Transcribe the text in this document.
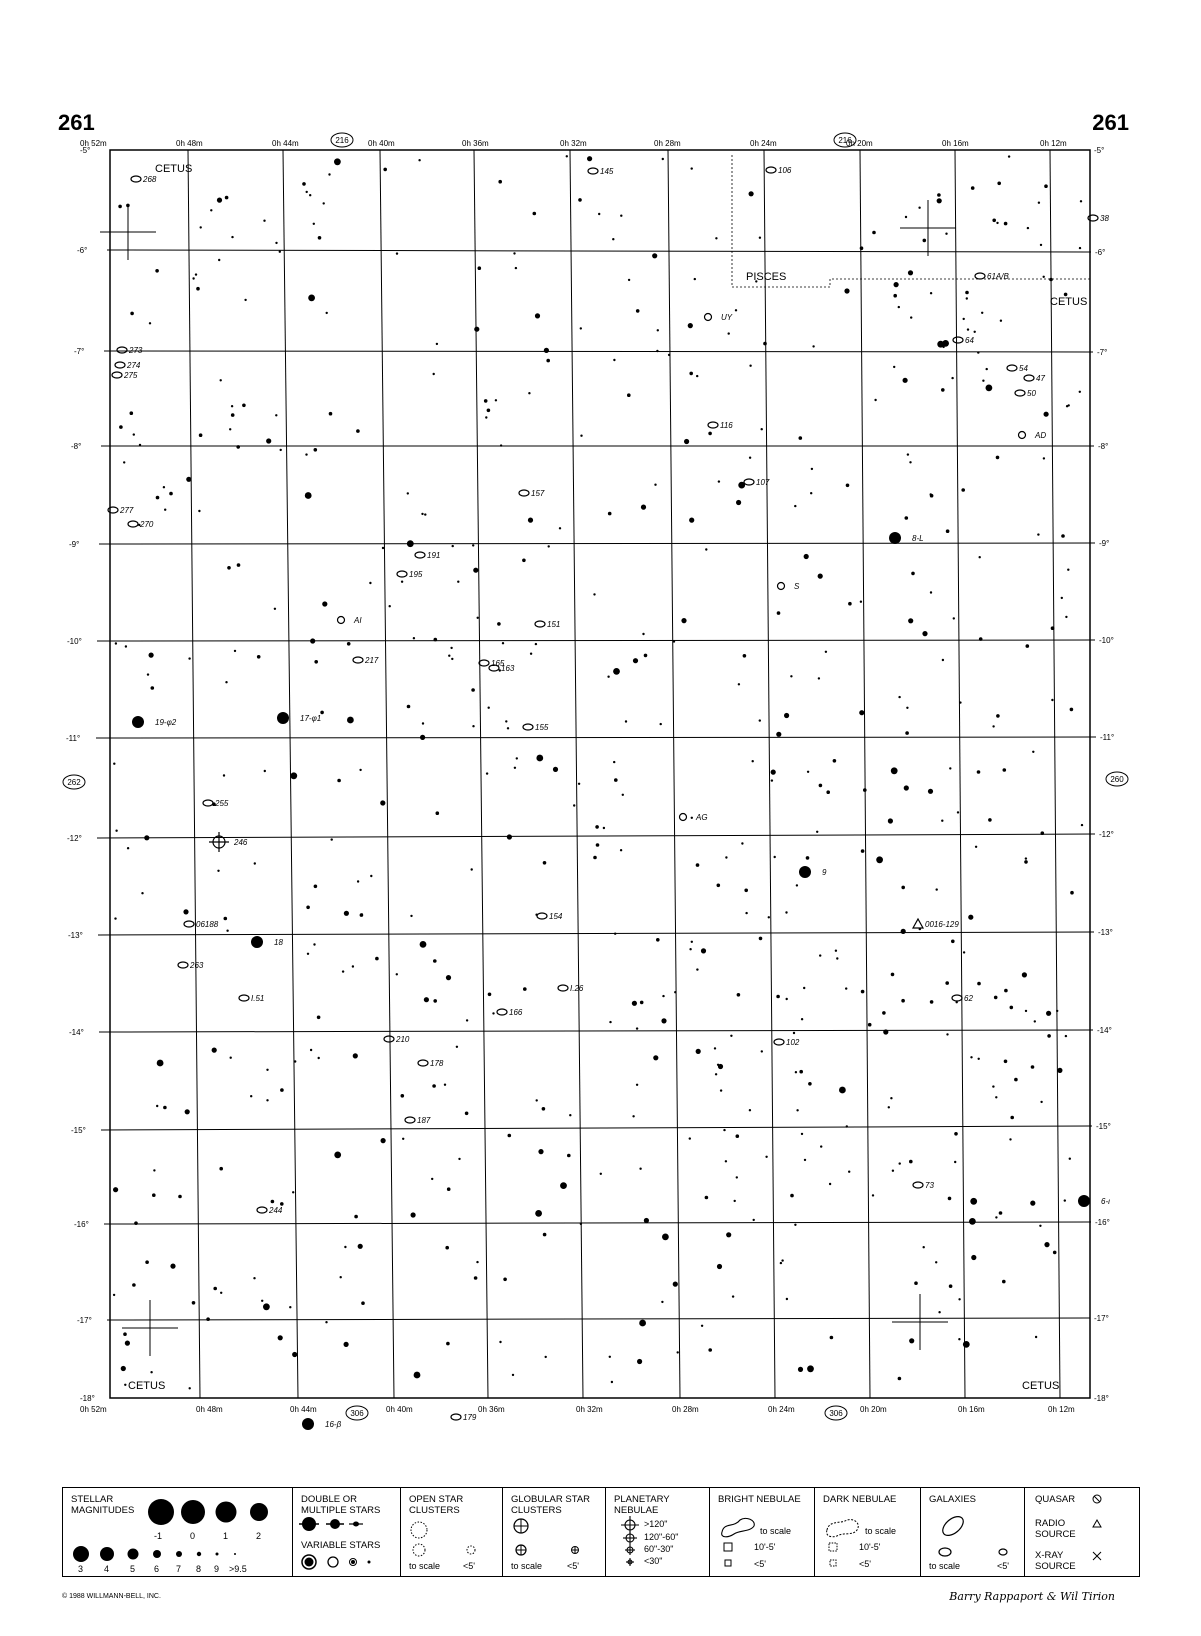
261	261
0h 52m
0h 52m
0h 48m
0h 48m
0h 44m
0h 44m
0h 40m
0h 40m
0h 36m
0h 36m
0h 32m
0h 32m
0h 28m
0h 28m
0h 24m
0h 24m
0h 20m
0h 20m
0h 16m
0h 16m
0h 12m
0h 12m
-5°	-5°
-6°	-6°
-7°	-7°
-8°	-8°
-9°	-9°
-10°	-10°
-11°	-11°
-12°	-12°
-13°	-13°
-14°	-14°
-15°	-15°
-16°	-16°
-17°	-17°
-18°	-18°
216	216
306	306
262	260
CETUS
PISCES
CETUS
CETUS	CETUS
268
145	106
38
61A/B
UY
64
273
274
275
54
47
50
116
AD
107
157
277
270
8-L
191
195
S
AI	151
217	165
163
19-φ2	17-φ1
155
255
AG
246
9
06188
154
0016-129
18
263
I.26
62
I.51
166
210	102
178
187
73
6-ι
244
179
16-β
STELLAR MAGNITUDES
-1	0	1	2
3 4 5 6 7 8 9 >9.5
DOUBLE OR MULTIPLE STARS
VARIABLE STARS
OPEN STAR CLUSTERS
to scale	<5'
GLOBULAR STAR CLUSTERS
to scale	<5'
PLANETARY NEBULAE
>120"
120"-60"
60"-30"
<30"
BRIGHT NEBULAE
to scale
10'-5'
<5'
DARK NEBULAE
to scale
10'-5'
<5'
GALAXIES
to scale	<5'
QUASAR
RADIO SOURCE
X-RAY SOURCE
© 1988 WILLMANN-BELL, INC.	Barry Rappaport & Wil Tirion
